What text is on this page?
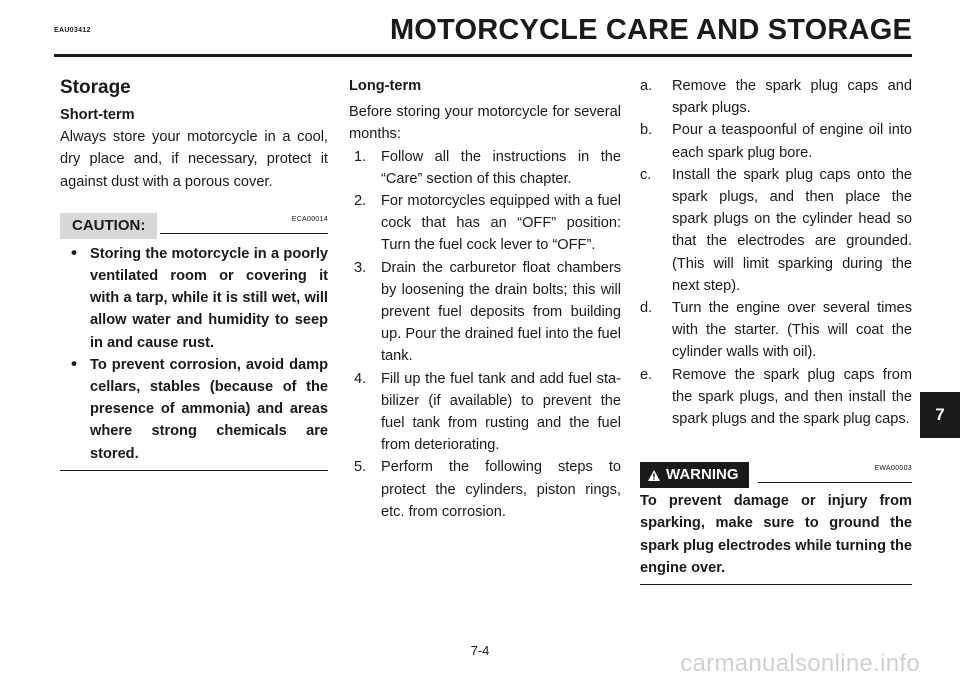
EAU03412	MOTORCYCLE CARE AND STORAGE
Storage

Short-term

Always store your motorcycle in a cool, dry place and, if necessary, protect it against dust with a porous cover.

CAUTION:	ECA00014
• Storing the motorcycle in a poorly ventilated room or covering it with a tarp, while it is still wet, will allow water and humidity to seep in and cause rust.
• To prevent corrosion, avoid damp cellars, stables (because of the presence of ammonia) and areas where strong chemicals are stored.

Long-term

Before storing your motorcycle for several months:

1. Follow all the instructions in the “Care” section of this chapter.
2. For motorcycles equipped with a fuel cock that has an “OFF” position: Turn the fuel cock lever to “OFF”.
3. Drain the carburetor float chambers by loosening the drain bolts; this will prevent fuel deposits from building up. Pour the drained fuel into the fuel tank.
4. Fill up the fuel tank and add fuel sta-bilizer (if available) to prevent the fuel tank from rusting and the fuel from deteriorating.
5. Perform the following steps to protect the cylinders, piston rings, etc. from corrosion.
a. Remove the spark plug caps and spark plugs.
b. Pour a teaspoonful of engine oil into each spark plug bore.
c. Install the spark plug caps onto the spark plugs, and then place the spark plugs on the cylinder head so that the electrodes are grounded. (This will limit sparking during the next step).
d. Turn the engine over several times with the starter. (This will coat the cylinder walls with oil).
e. Remove the spark plug caps from the spark plugs, and then install the spark plugs and the spark plug caps.
WARNING	EWA00003

To prevent damage or injury from sparking, make sure to ground the spark plug electrodes while turning the engine over.

7-4
7
carmanualsonline.info
